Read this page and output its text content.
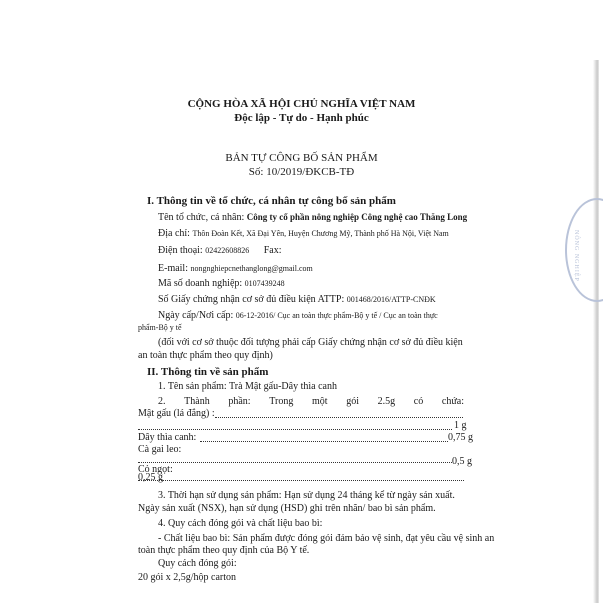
NÔNG NGHIỆP
CỘNG HÒA XÃ HỘI CHỦ NGHĨA VIỆT NAM
Độc lập - Tự do - Hạnh phúc
BẢN TỰ CÔNG BỐ SẢN PHẨM
Số: 10/2019/ĐKCB-TĐ
I. Thông tin về tổ chức, cá nhân tự công bố sản phẩm
Tên tổ chức, cá nhân: Công ty cổ phần nông nghiệp Công nghệ cao Thăng Long
Địa chỉ: Thôn Đoàn Kết, Xã Đại Yên, Huyện Chương Mỹ, Thành phố Hà Nội, Việt Nam
Điện thoại: 02422608826 Fax:
E-mail: nongnghiepcnethanglong@gmail.com
Mã số doanh nghiệp: 0107439248
Số Giấy chứng nhận cơ sở đủ điều kiện ATTP: 001468/2016/ATTP-CNĐK
Ngày cấp/Nơi cấp: 06-12-2016/ Cục an toàn thực phẩm-Bộ y tế / Cục an toàn thực
phẩm-Bộ y tế
(đối với cơ sở thuộc đối tượng phải cấp Giấy chứng nhận cơ sở đủ điều kiện
an toàn thực phẩm theo quy định)
II. Thông tin về sản phẩm
1. Tên sản phẩm: Trà Mật gấu-Dây thìa canh
2. Thành phần: Trong một gói 2.5g có chứa:
Mật gấu (lá đắng) :
1 g
Dây thìa canh:	0,75 g
Cà gai leo:
0,5 g
Cỏ ngọt:
0,25 g
3. Thời hạn sử dụng sản phẩm: Hạn sử dụng 24 tháng kể từ ngày sản xuất.
Ngày sản xuất (NSX), hạn sử dụng (HSD) ghi trên nhãn/ bao bì sản phẩm.
4. Quy cách đóng gói và chất liệu bao bì:
- Chất liệu bao bì: Sản phẩm được đóng gói đảm bảo vệ sinh, đạt yêu cầu vệ sinh an
toàn thực phẩm theo quy định của Bộ Y tế.
Quy cách đóng gói:
20 gói x 2,5g/hộp carton
